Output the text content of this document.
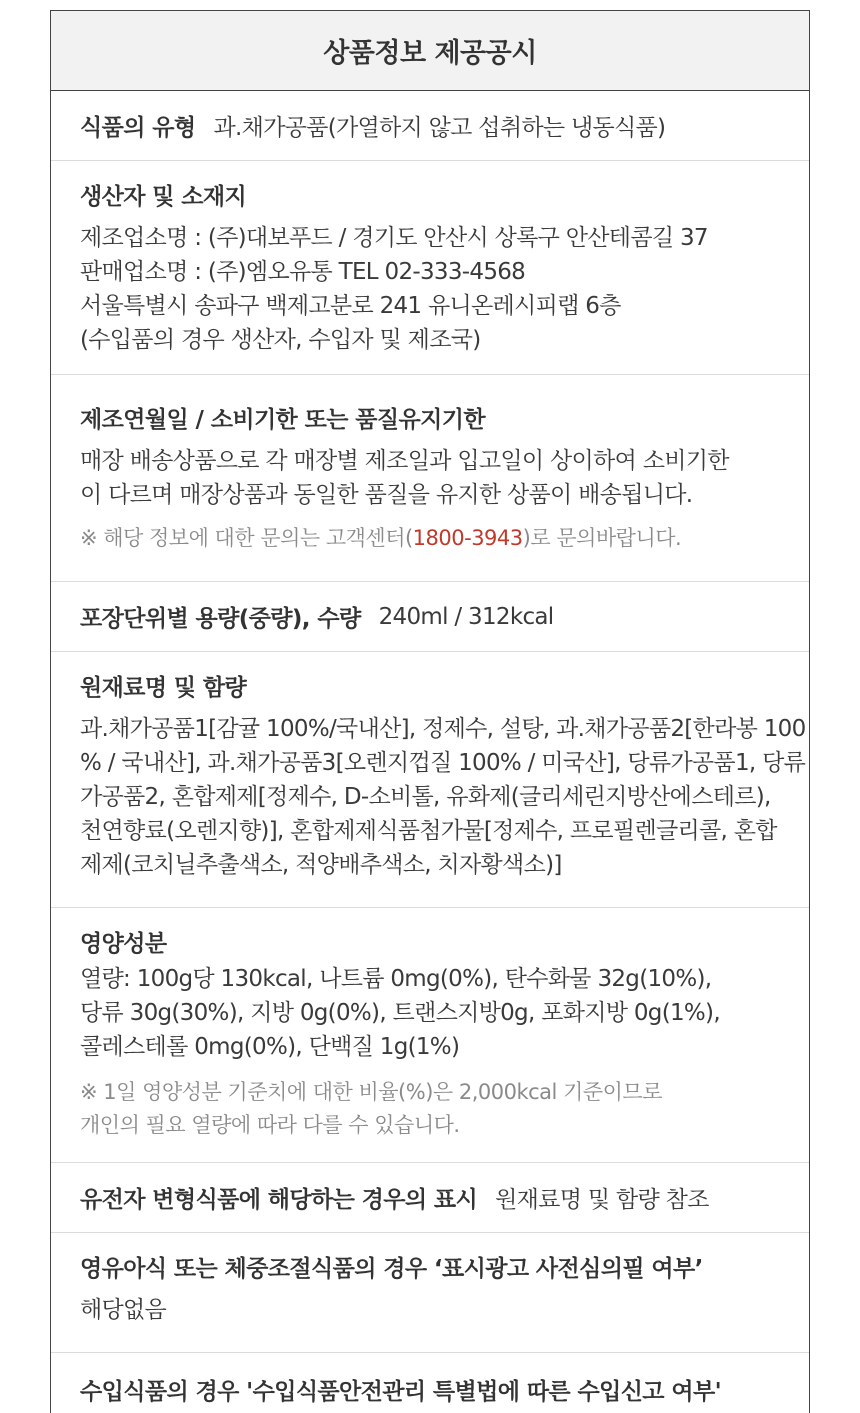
상품정보 제공공시
식품의 유형 과.채가공품(가열하지 않고 섭취하는 냉동식품)
생산자 및 소재지
제조업소명 : (주)대보푸드 / 경기도 안산시 상록구 안산테콤길 37
판매업소명 : (주)엠오유통 TEL 02-333-4568
서울특별시 송파구 백제고분로 241 유니온레시피랩 6층
(수입품의 경우 생산자, 수입자 및 제조국)
제조연월일 / 소비기한 또는 품질유지기한
매장 배송상품으로 각 매장별 제조일과 입고일이 상이하여 소비기한
이 다르며 매장상품과 동일한 품질을 유지한 상품이 배송됩니다.
※ 해당 정보에 대한 문의는 고객센터(1800-3943)로 문의바랍니다.
포장단위별 용량(중량), 수량 240ml / 312kcal
원재료명 및 함량
과.채가공품1[감귤 100%/국내산], 정제수, 설탕, 과.채가공품2[한라봉 100
% / 국내산], 과.채가공품3[오렌지껍질 100% / 미국산], 당류가공품1, 당류
가공품2, 혼합제제[정제수, D-소비톨, 유화제(글리세린지방산에스테르),
천연향료(오렌지향)], 혼합제제식품첨가물[정제수, 프로필렌글리콜, 혼합
제제(코치닐추출색소, 적양배추색소, 치자황색소)]
영양성분
열량: 100g당 130kcal, 나트륨 0mg(0%), 탄수화물 32g(10%),
당류 30g(30%), 지방 0g(0%), 트랜스지방0g, 포화지방 0g(1%),
콜레스테롤 0mg(0%), 단백질 1g(1%)
※ 1일 영양성분 기준치에 대한 비율(%)은 2,000kcal 기준이므로
개인의 필요 열량에 따라 다를 수 있습니다.
유전자 변형식품에 해당하는 경우의 표시 원재료명 및 함량 참조
영유아식 또는 체중조절식품의 경우 ‘표시광고 사전심의필 여부’
해당없음
수입식품의 경우 '수입식품안전관리 특별법에 따른 수입신고 여부'
